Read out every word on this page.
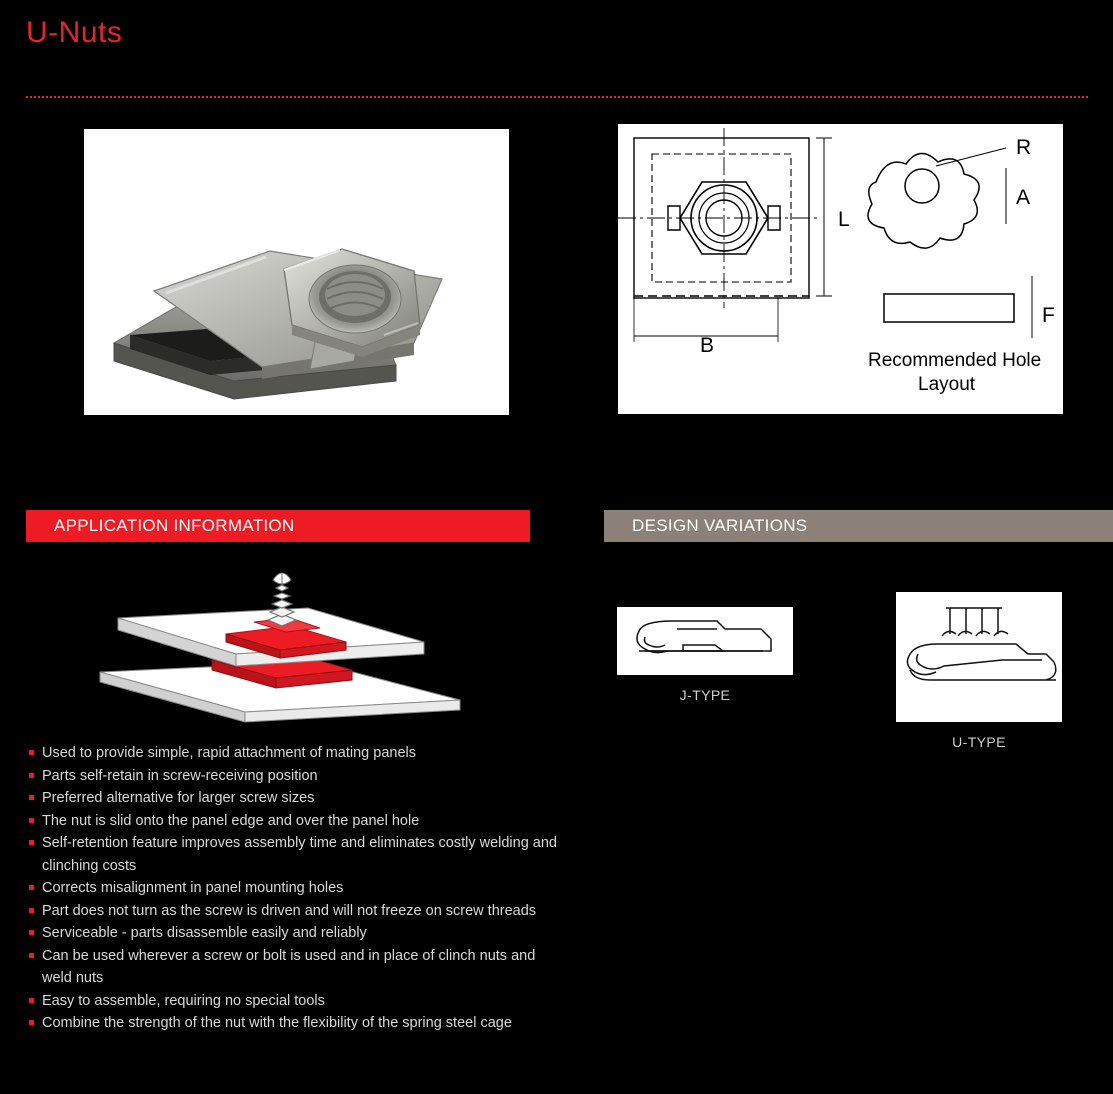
U-Nuts
L
B
R
A
F
Recommended Hole
Layout
APPLICATION INFORMATION	DESIGN VARIATIONS
Used to provide simple, rapid attachment of mating panels
Parts self-retain in screw-receiving position
Preferred alternative for larger screw sizes
The nut is slid onto the panel edge and over the panel hole
Self-retention feature improves assembly time and eliminates costly welding and clinching costs
Corrects misalignment in panel mounting holes
Part does not turn as the screw is driven and will not freeze on screw threads
Serviceable - parts disassemble easily and reliably
Can be used wherever a screw or bolt is used and in place of clinch nuts and weld nuts
Easy to assemble, requiring no special tools
Combine the strength of the nut with the flexibility of the spring steel cage
J-TYPE
U-TYPE
